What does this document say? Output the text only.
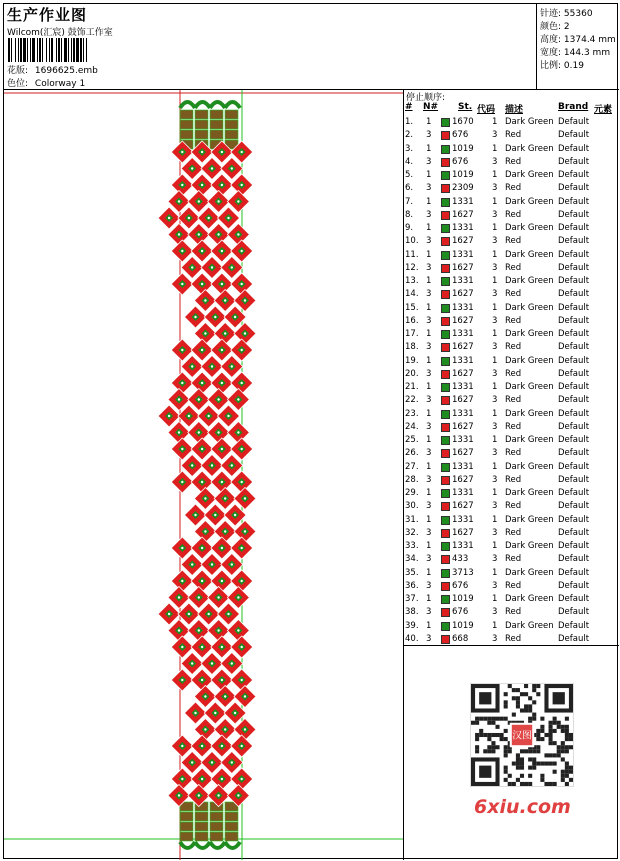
生产作业图
Wilcom(汇宸) 鼓饰工作室
花版: 1696625.emb
色位: Colorway 1
针迹: 55360
颜色: 2
高度: 1374.4 mm
宽度: 144.3 mm
比例: 0.19
停止顺序:
# N# St. 代码 描述	Brand 元素
1. 1 1670 1 Dark Green Default
2. 3 676	3 Red	Default
3. 1 1019 1 Dark Green Default
4. 3 676	3 Red	Default
5. 1 1019 1 Dark Green Default
6. 3 2309 3 Red	Default
7. 1 1331 1 Dark Green Default
8. 3 1627 3 Red	Default
9. 1 1331 1 Dark Green Default
10. 3 1627 3 Red	Default
11. 1 1331 1 Dark Green Default
12. 3 1627 3 Red	Default
13. 1 1331 1 Dark Green Default
14. 3 1627 3 Red	Default
15. 1 1331 1 Dark Green Default
16. 3 1627 3 Red	Default
17. 1 1331 1 Dark Green Default
18. 3 1627 3 Red	Default
19. 1 1331 1 Dark Green Default
20. 3 1627 3 Red	Default
21. 1 1331 1 Dark Green Default
22. 3 1627 3 Red	Default
23. 1 1331 1 Dark Green Default
24. 3 1627 3 Red	Default
25. 1 1331 1 Dark Green Default
26. 3 1627 3 Red	Default
27. 1 1331 1 Dark Green Default
28. 3 1627 3 Red	Default
29. 1 1331 1 Dark Green Default
30. 3 1627 3 Red	Default
31. 1 1331 1 Dark Green Default
32. 3 1627 3 Red	Default
33. 1 1331 1 Dark Green Default
34. 3 433	3 Red	Default
35. 1 3713 1 Dark Green Default
36. 3 676	3 Red	Default
37. 1 1019 1 Dark Green Default
38. 3 676	3 Red	Default
39. 1 1019 1 Dark Green Default
40. 3 668	3 Red	Default
汉图
6xiu.com
